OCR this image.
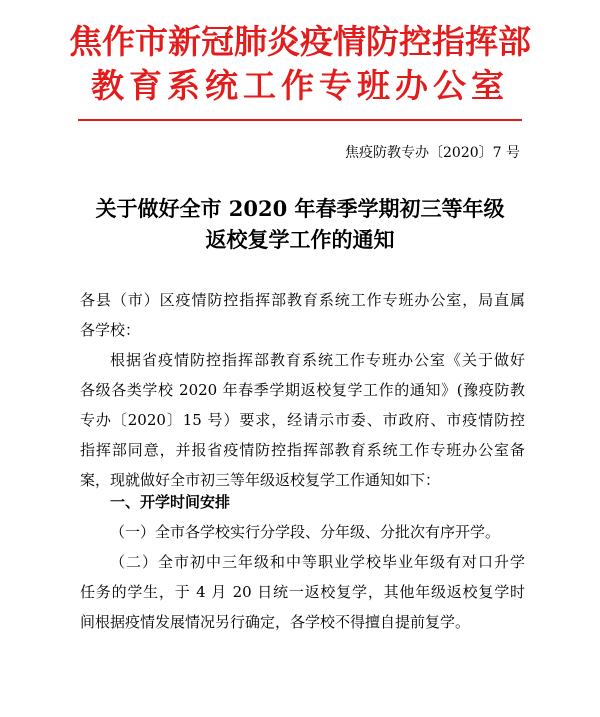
焦作市新冠肺炎疫情防控指挥部
教育系统工作专班办公室
焦疫防教专办〔2020〕7 号
关于做好全市 2020 年春季学期初三等年级
返校复学工作的通知
各县（市）区疫情防控指挥部教育系统工作专班办公室，局直属
各学校：
根据省疫情防控指挥部教育系统工作专班办公室《关于做好
各级各类学校 2020 年春季学期返校复学工作的通知》(豫疫防教
专办〔2020〕15 号）要求，经请示市委、市政府、市疫情防控
指挥部同意，并报省疫情防控指挥部教育系统工作专班办公室备
案，现就做好全市初三等年级返校复学工作通知如下：
一、开学时间安排
（一）全市各学校实行分学段、分年级、分批次有序开学。
（二）全市初中三年级和中等职业学校毕业年级有对口升学
任务的学生，于 4 月 20 日统一返校复学，其他年级返校复学时
间根据疫情发展情况另行确定，各学校不得擅自提前复学。
